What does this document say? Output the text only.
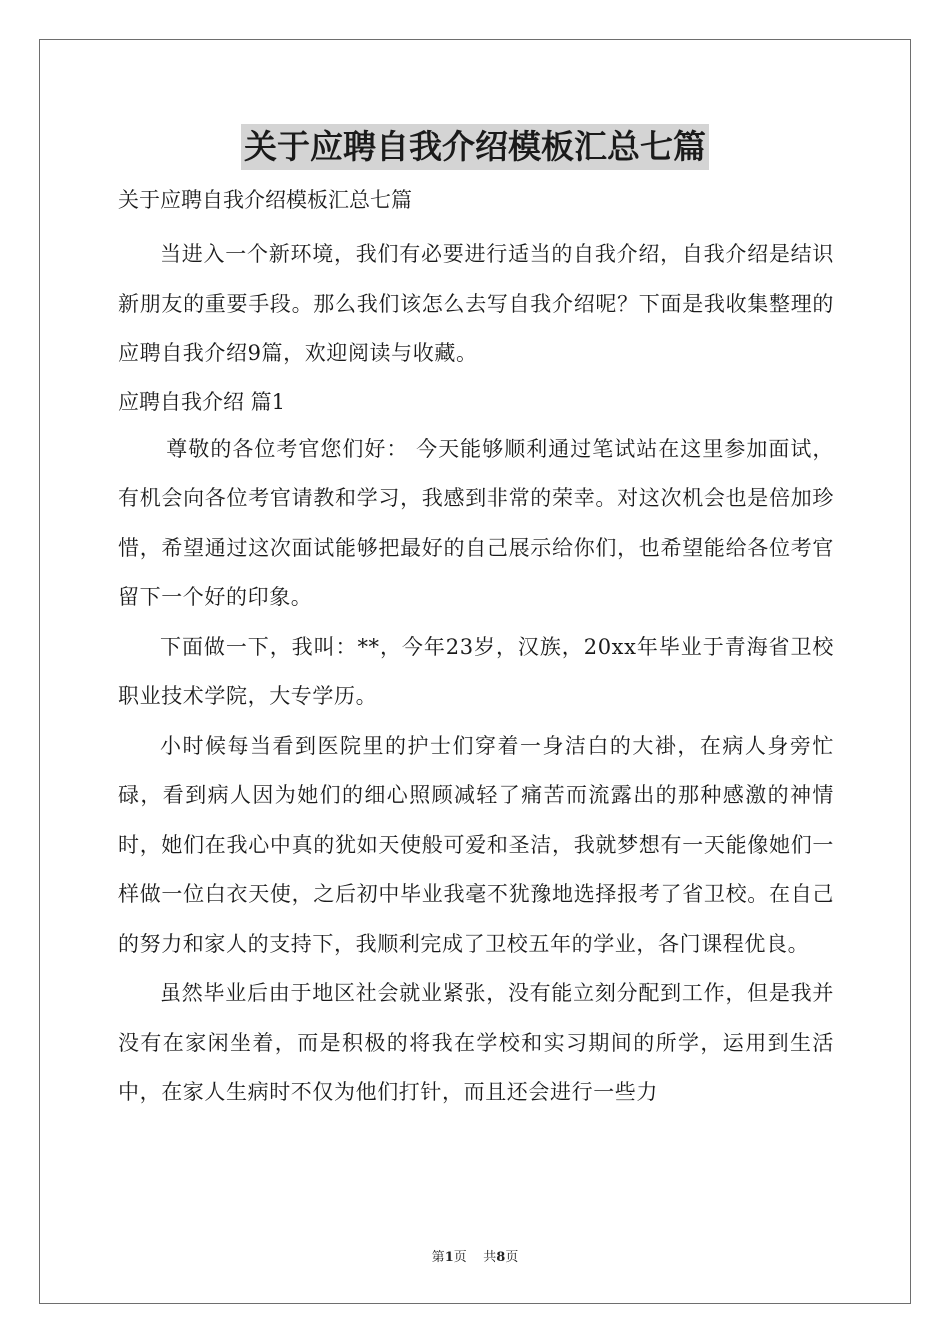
关于应聘自我介绍模板汇总七篇

关于应聘自我介绍模板汇总七篇

当进入一个新环境，我们有必要进行适当的自我介绍，自我介绍是结识新朋友的重要手段。那么我们该怎么去写自我介绍呢？下面是我收集整理的应聘自我介绍9篇，欢迎阅读与收藏。

应聘自我介绍 篇1

尊敬的各位考官您们好： 今天能够顺利通过笔试站在这里参加面试，有机会向各位考官请教和学习，我感到非常的荣幸。对这次机会也是倍加珍惜，希望通过这次面试能够把最好的自己展示给你们，也希望能给各位考官留下一个好的印象。

下面做一下，我叫：**，今年23岁，汉族，20xx年毕业于青海省卫校职业技术学院，大专学历。

小时候每当看到医院里的护士们穿着一身洁白的大褂，在病人身旁忙碌，看到病人因为她们的细心照顾减轻了痛苦而流露出的那种感激的神情时，她们在我心中真的犹如天使般可爱和圣洁，我就梦想有一天能像她们一样做一位白衣天使，之后初中毕业我毫不犹豫地选择报考了省卫校。在自己的努力和家人的支持下，我顺利完成了卫校五年的学业，各门课程优良。

虽然毕业后由于地区社会就业紧张，没有能立刻分配到工作，但是我并没有在家闲坐着，而是积极的将我在学校和实习期间的所学，运用到生活中，在家人生病时不仅为他们打针，而且还会进行一些力

第1页    共8页
